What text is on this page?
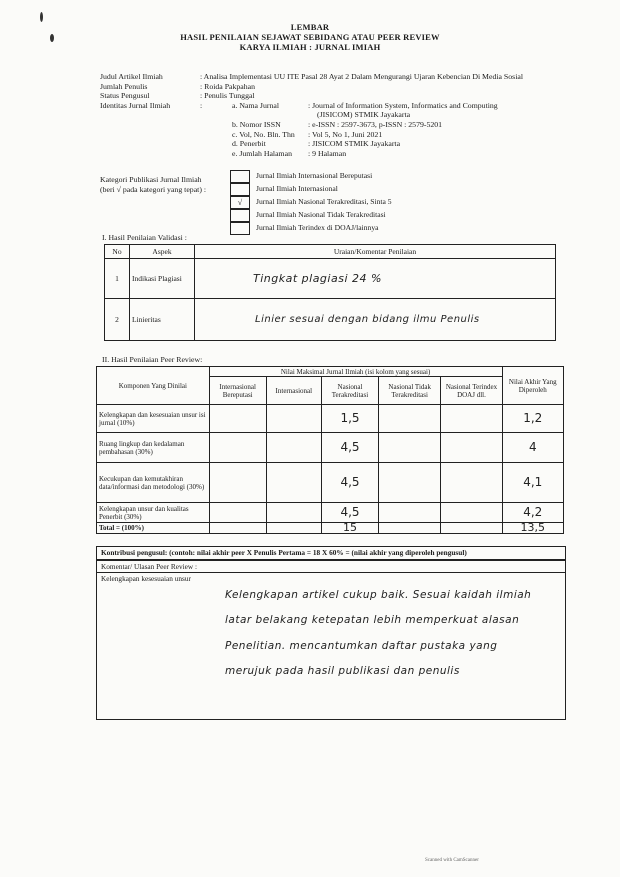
LEMBAR
HASIL PENILAIAN SEJAWAT SEBIDANG ATAU PEER REVIEW
KARYA ILMIAH : JURNAL IMIAH
Judul Artikel Ilmiah	: Analisa Implementasi UU ITE Pasal 28 Ayat 2 Dalam Mengurangi Ujaran Kebencian Di Media Sosial
Jumlah Penulis	: Roida Pakpahan
Status Pengusul	: Penulis Tunggal
Identitas Jurnal Ilmiah	:	a. Nama Jurnal	: Journal of Information System, Informatics and Computing
(JISICOM) STMIK Jayakarta
b. Nomor ISSN	: e-ISSN : 2597-3673, p-ISSN : 2579-5201
c. Vol, No. Bln. Thn : Vol 5, No 1, Juni 2021
d. Penerbit	: JISICOM STMIK Jayakarta
e. Jumlah Halaman : 9 Halaman
Kategori Publikasi Jurnal Ilmiah
(beri √ pada kategori yang tepat) :
Jurnal Ilmiah Internasional Bereputasi
Jurnal Ilmiah Internasional
√	Jurnal Ilmiah Nasional Terakreditasi, Sinta 5
Jurnal Ilmiah Nasional Tidak Terakreditasi
Jurnal Ilmiah Terindex di DOAJ/lainnya
I. Hasil Penilaian Validasi :
No	Aspek	Uraian/Komentar Penilaian
1	Indikasi Plagiasi	Tingkat plagiasi 24 %
2	Linieritas	Linier sesuai dengan bidang ilmu Penulis
II. Hasil Penilaian Peer Review:
Komponen Yang Dinilai	Nilai Maksimal Jurnal Ilmiah (isi kolom yang sesuai)					Nilai Akhir Yang Diperoleh
	Internasional Bereputasi	Internasional	Nasional Terakreditasi	Nasional Tidak Terakreditasi	Nasional Terindex DOAJ dll.	
Kelengkapan dan kesesuaian unsur isi jurnal (10%)			1,5			1,2
Ruang lingkup dan kedalaman pembahasan (30%)			4,5			4
Kecukupan dan kemutakhiran data/informasi dan metodologi (30%)			4,5			4,1
Kelengkapan unsur dan kualitas Penerbit (30%)			4,5			4,2
Total = (100%)			15			13,5
Kontribusi pengusul: (contoh: nilai akhir peer X Penulis Pertama = 18 X 60% = (nilai akhir yang diperoleh pengusul)
Komentar/ Ulasan Peer Review :
Kelengkapan kesesuaian unsur
Kelengkapan artikel cukup baik. Sesuai kaidah ilmiah
latar belakang ketepatan lebih memperkuat alasan
Penelitian. mencantumkan daftar pustaka yang
merujuk pada hasil publikasi dan penulis
Scanned with CamScanner
